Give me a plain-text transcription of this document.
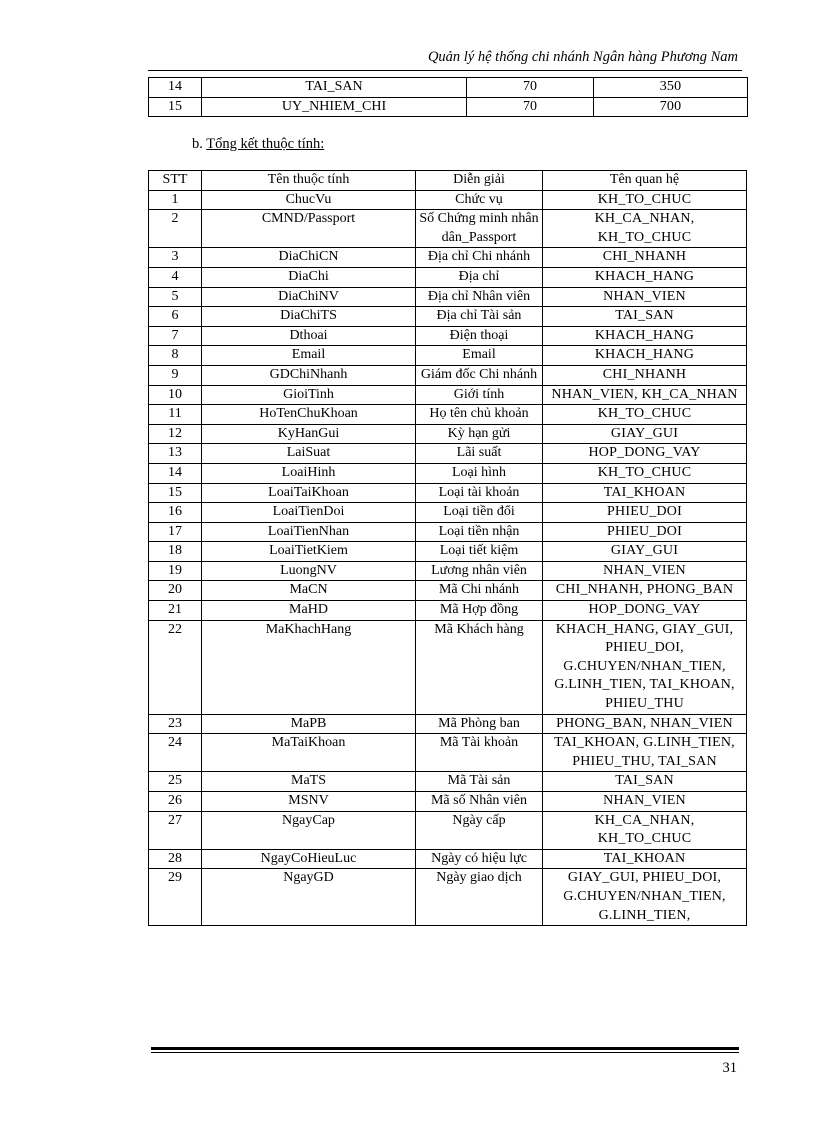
Quản lý hệ thống chi nhánh Ngân hàng Phương Nam
14	TAI_SAN	70	350
15	UY_NHIEM_CHI	70	700
b. Tổng kết thuộc tính:
STT	Tên thuộc tính	Diễn giải	Tên quan hệ
1	ChucVu	Chức vụ	KH_TO_CHUC
2	CMND/Passport	Số Chứng minh nhân dân_Passport	KH_CA_NHAN, KH_TO_CHUC
3	DiaChiCN	Địa chỉ Chi nhánh	CHI_NHANH
4	DiaChi	Địa chỉ	KHACH_HANG
5	DiaChiNV	Địa chỉ Nhân viên	NHAN_VIEN
6	DiaChiTS	Địa chỉ Tài sản	TAI_SAN
7	Dthoai	Điện thoại	KHACH_HANG
8	Email	Email	KHACH_HANG
9	GDChiNhanh	Giám đốc Chi nhánh	CHI_NHANH
10	GioiTinh	Giới tính	NHAN_VIEN, KH_CA_NHAN
11	HoTenChuKhoan	Họ tên chủ khoản	KH_TO_CHUC
12	KyHanGui	Kỳ hạn gửi	GIAY_GUI
13	LaiSuat	Lãi suất	HOP_DONG_VAY
14	LoaiHinh	Loại hình	KH_TO_CHUC
15	LoaiTaiKhoan	Loại tài khoản	TAI_KHOAN
16	LoaiTienDoi	Loại tiền đổi	PHIEU_DOI
17	LoaiTienNhan	Loại tiền nhận	PHIEU_DOI
18	LoaiTietKiem	Loại tiết kiệm	GIAY_GUI
19	LuongNV	Lương nhân viên	NHAN_VIEN
20	MaCN	Mã Chi nhánh	CHI_NHANH, PHONG_BAN
21	MaHD	Mã Hợp đồng	HOP_DONG_VAY
22	MaKhachHang	Mã Khách hàng	KHACH_HANG, GIAY_GUI, PHIEU_DOI, G.CHUYEN/NHAN_TIEN, G.LINH_TIEN, TAI_KHOAN, PHIEU_THU
23	MaPB	Mã Phòng ban	PHONG_BAN, NHAN_VIEN
24	MaTaiKhoan	Mã Tài khoản	TAI_KHOAN, G.LINH_TIEN, PHIEU_THU, TAI_SAN
25	MaTS	Mã Tài sản	TAI_SAN
26	MSNV	Mã số Nhân viên	NHAN_VIEN
27	NgayCap	Ngày cấp	KH_CA_NHAN, KH_TO_CHUC
28	NgayCoHieuLuc	Ngày có hiệu lực	TAI_KHOAN
29	NgayGD	Ngày giao dịch	GIAY_GUI, PHIEU_DOI, G.CHUYEN/NHAN_TIEN, G.LINH_TIEN,
31
